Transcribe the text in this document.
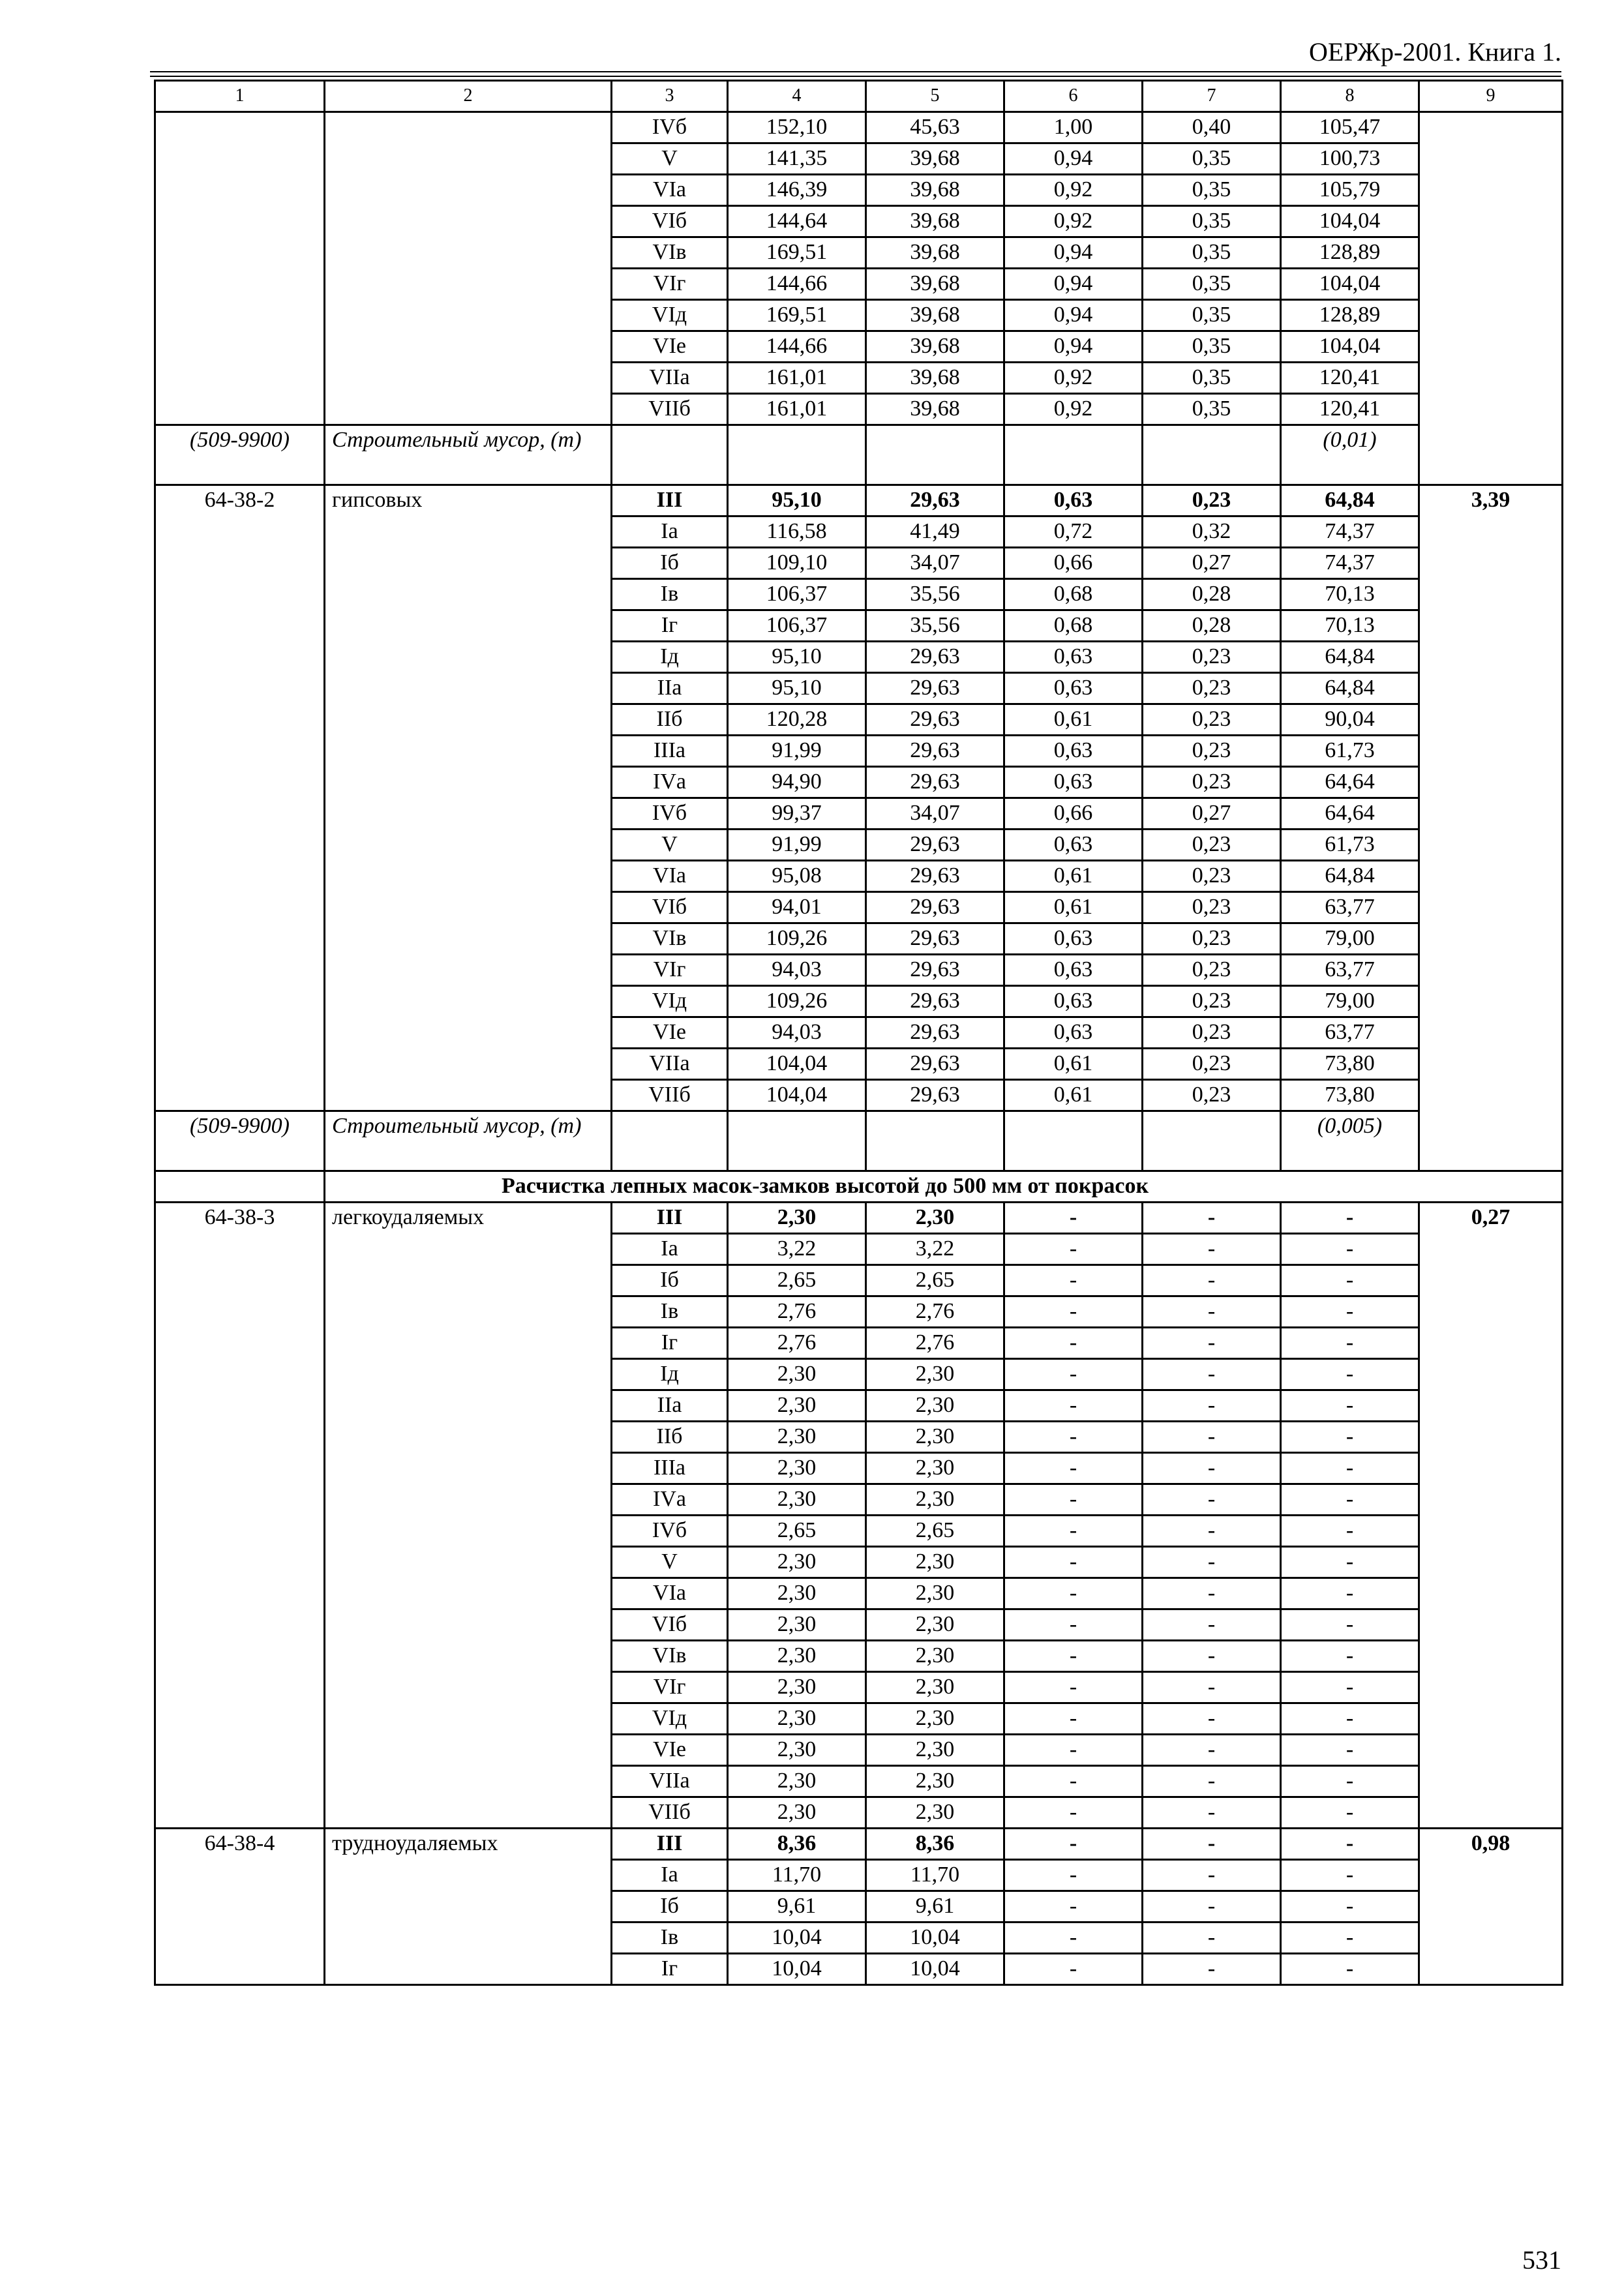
ОЕРЖр-2001. Книга 1.
1	2	3	4	5	6	7	8	9
		IVб	152,10	45,63	1,00	0,40	105,47	
		V	141,35	39,68	0,94	0,35	100,73	
		VIа	146,39	39,68	0,92	0,35	105,79	
		VIб	144,64	39,68	0,92	0,35	104,04	
		VIв	169,51	39,68	0,94	0,35	128,89	
		VIг	144,66	39,68	0,94	0,35	104,04	
		VIд	169,51	39,68	0,94	0,35	128,89	
		VIе	144,66	39,68	0,94	0,35	104,04	
		VIIа	161,01	39,68	0,92	0,35	120,41	
		VIIб	161,01	39,68	0,92	0,35	120,41	
(509-9900)	Строительный мусор, (т)						(0,01)	
64-38-2	гипсовых	III	95,10	29,63	0,63	0,23	64,84	3,39
		Iа	116,58	41,49	0,72	0,32	74,37	
		Iб	109,10	34,07	0,66	0,27	74,37	
		Iв	106,37	35,56	0,68	0,28	70,13	
		Iг	106,37	35,56	0,68	0,28	70,13	
		Iд	95,10	29,63	0,63	0,23	64,84	
		IIа	95,10	29,63	0,63	0,23	64,84	
		IIб	120,28	29,63	0,61	0,23	90,04	
		IIIа	91,99	29,63	0,63	0,23	61,73	
		IVа	94,90	29,63	0,63	0,23	64,64	
		IVб	99,37	34,07	0,66	0,27	64,64	
		V	91,99	29,63	0,63	0,23	61,73	
		VIа	95,08	29,63	0,61	0,23	64,84	
		VIб	94,01	29,63	0,61	0,23	63,77	
		VIв	109,26	29,63	0,63	0,23	79,00	
		VIг	94,03	29,63	0,63	0,23	63,77	
		VIд	109,26	29,63	0,63	0,23	79,00	
		VIе	94,03	29,63	0,63	0,23	63,77	
		VIIа	104,04	29,63	0,61	0,23	73,80	
		VIIб	104,04	29,63	0,61	0,23	73,80	
(509-9900)	Строительный мусор, (т)						(0,005)	
	Расчистка лепных масок-замков высотой до 500 мм от покрасок							
64-38-3	легкоудаляемых	III	2,30	2,30	-	-	-	0,27
		Iа	3,22	3,22	-	-	-	
		Iб	2,65	2,65	-	-	-	
		Iв	2,76	2,76	-	-	-	
		Iг	2,76	2,76	-	-	-	
		Iд	2,30	2,30	-	-	-	
		IIа	2,30	2,30	-	-	-	
		IIб	2,30	2,30	-	-	-	
		IIIа	2,30	2,30	-	-	-	
		IVа	2,30	2,30	-	-	-	
		IVб	2,65	2,65	-	-	-	
		V	2,30	2,30	-	-	-	
		VIа	2,30	2,30	-	-	-	
		VIб	2,30	2,30	-	-	-	
		VIв	2,30	2,30	-	-	-	
		VIг	2,30	2,30	-	-	-	
		VIд	2,30	2,30	-	-	-	
		VIе	2,30	2,30	-	-	-	
		VIIа	2,30	2,30	-	-	-	
		VIIб	2,30	2,30	-	-	-	
64-38-4	трудноудаляемых	III	8,36	8,36	-	-	-	0,98
		Iа	11,70	11,70	-	-	-	
		Iб	9,61	9,61	-	-	-	
		Iв	10,04	10,04	-	-	-	
		Iг	10,04	10,04	-	-	-	
531
